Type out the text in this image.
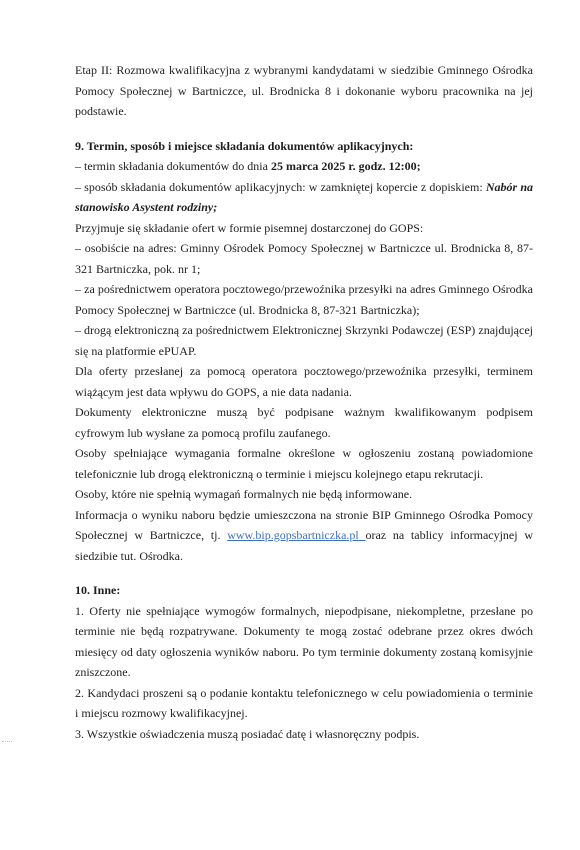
Etap II: Rozmowa kwalifikacyjna z wybranymi kandydatami w siedzibie Gminnego Ośrodka Pomocy Społecznej w Bartniczce, ul. Brodnicka 8 i dokonanie wyboru pracownika na jej podstawie.

9. Termin, sposób i miejsce składania dokumentów aplikacyjnych:

– termin składania dokumentów do dnia 25 marca 2025 r. godz. 12:00;

– sposób składania dokumentów aplikacyjnych: w zamkniętej kopercie z dopiskiem: Nabór na stanowisko Asystent rodziny;

Przyjmuje się składanie ofert w formie pisemnej dostarczonej do GOPS:

– osobiście na adres: Gminny Ośrodek Pomocy Społecznej w Bartniczce ul. Brodnicka 8, 87-321 Bartniczka, pok. nr 1;

– za pośrednictwem operatora pocztowego/przewoźnika przesyłki na adres Gminnego Ośrodka Pomocy Społecznej w Bartniczce (ul. Brodnicka 8, 87-321 Bartniczka);

– drogą elektroniczną za pośrednictwem Elektronicznej Skrzynki Podawczej (ESP) znajdującej się na platformie ePUAP.

Dla oferty przesłanej za pomocą operatora pocztowego/przewoźnika przesyłki, terminem wiążącym jest data wpływu do GOPS, a nie data nadania.

Dokumenty elektroniczne muszą być podpisane ważnym kwalifikowanym podpisem cyfrowym lub wysłane za pomocą profilu zaufanego.

Osoby spełniające wymagania formalne określone w ogłoszeniu zostaną powiadomione telefonicznie lub drogą elektroniczną o terminie i miejscu kolejnego etapu rekrutacji.

Osoby, które nie spełnią wymagań formalnych nie będą informowane.

Informacja o wyniku naboru będzie umieszczona na stronie BIP Gminnego Ośrodka Pomocy Społecznej w Bartniczce, tj. www.bip.gopsbartniczka.pl oraz na tablicy informacyjnej w siedzibie tut. Ośrodka.

10. Inne:

1. Oferty nie spełniające wymogów formalnych, niepodpisane, niekompletne, przesłane po terminie nie będą rozpatrywane. Dokumenty te mogą zostać odebrane przez okres dwóch miesięcy od daty ogłoszenia wyników naboru. Po tym terminie dokumenty zostaną komisyjnie zniszczone.

2. Kandydaci proszeni są o podanie kontaktu telefonicznego w celu powiadomienia o terminie i miejscu rozmowy kwalifikacyjnej.

3. Wszystkie oświadczenia muszą posiadać datę i własnoręczny podpis.
